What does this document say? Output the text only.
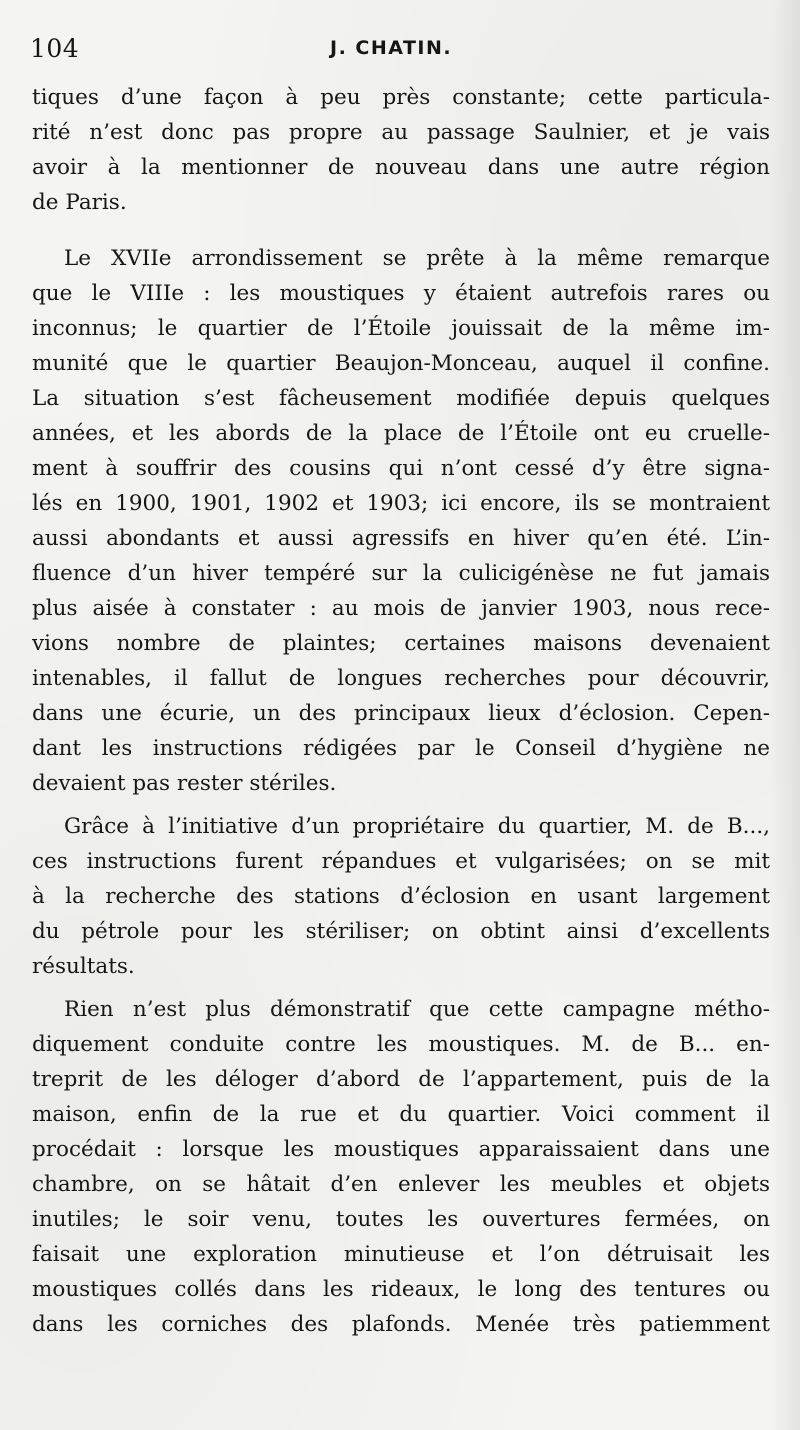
104	J. CHATIN.
tiques d’une façon à peu près constante; cette particula-
rité n’est donc pas propre au passage Saulnier, et je vais
avoir à la mentionner de nouveau dans une autre région
de Paris.
Le XVIIe arrondissement se prête à la même remarque
que le VIIIe : les moustiques y étaient autrefois rares ou
inconnus; le quartier de l’Étoile jouissait de la même im-
munité que le quartier Beaujon-Monceau, auquel il confine.
La situation s’est fâcheusement modifiée depuis quelques
années, et les abords de la place de l’Étoile ont eu cruelle-
ment à souffrir des cousins qui n’ont cessé d’y être signa-
lés en 1900, 1901, 1902 et 1903; ici encore, ils se montraient
aussi abondants et aussi agressifs en hiver qu’en été. L’in-
fluence d’un hiver tempéré sur la culicigénèse ne fut jamais
plus aisée à constater : au mois de janvier 1903, nous rece-
vions nombre de plaintes; certaines maisons devenaient
intenables, il fallut de longues recherches pour découvrir,
dans une écurie, un des principaux lieux d’éclosion. Cepen-
dant les instructions rédigées par le Conseil d’hygiène ne
devaient pas rester stériles.
Grâce à l’initiative d’un propriétaire du quartier, M. de B...,
ces instructions furent répandues et vulgarisées; on se mit
à la recherche des stations d’éclosion en usant largement
du pétrole pour les stériliser; on obtint ainsi d’excellents
résultats.
Rien n’est plus démonstratif que cette campagne métho-
diquement conduite contre les moustiques. M. de B... en-
treprit de les déloger d’abord de l’appartement, puis de la
maison, enfin de la rue et du quartier. Voici comment il
procédait : lorsque les moustiques apparaissaient dans une
chambre, on se hâtait d’en enlever les meubles et objets
inutiles; le soir venu, toutes les ouvertures fermées, on
faisait une exploration minutieuse et l’on détruisait les
moustiques collés dans les rideaux, le long des tentures ou
dans les corniches des plafonds. Menée très patiemment
